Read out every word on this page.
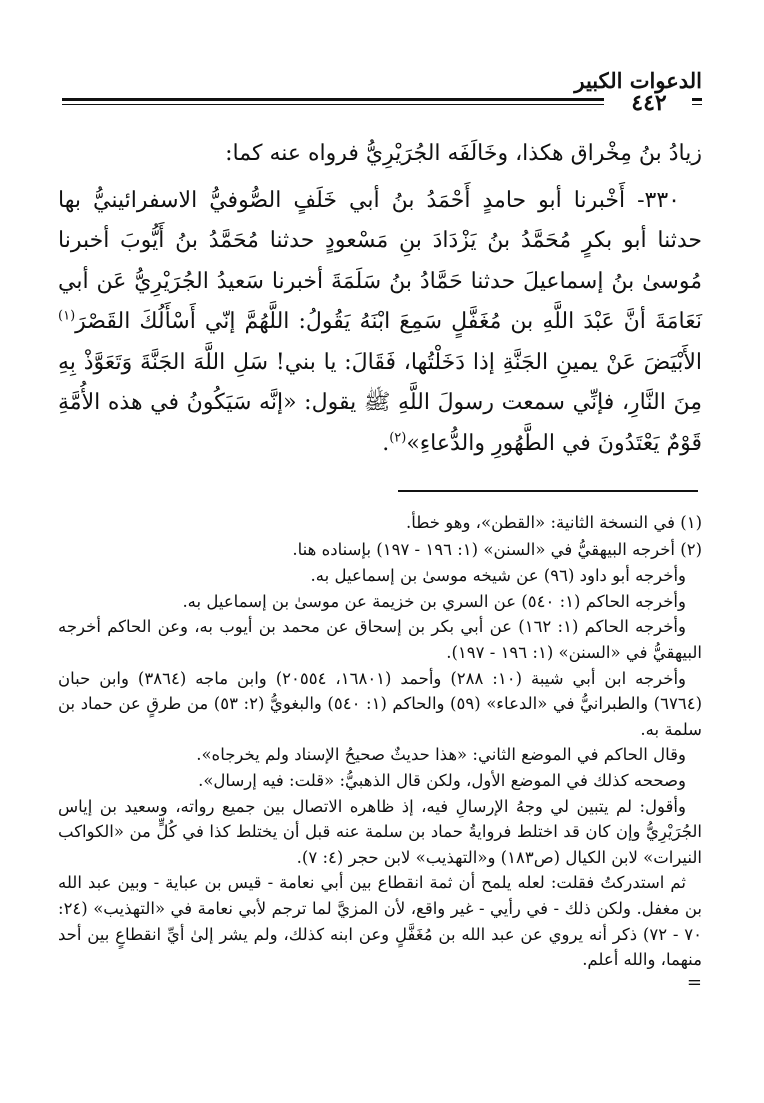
الدعوات الكبير
٤٤٢

زيادُ بنُ مِخْراق هكذا، وخَالَفَه الجُرَيْرِيُّ فرواه عنه كما:

٣٣٠- أَخْبرنا أبو حامدٍ أَحْمَدُ بنُ أبي خَلَفٍ الصُّوفيُّ الاسفرائينيُّ بها حدثنا أبو بكرٍ مُحَمَّدُ بنُ يَزْدَادَ بنِ مَسْعودٍ حدثنا مُحَمَّدُ بنُ أَيُّوبَ أخبرنا مُوسىٰ بنُ إسماعيلَ حدثنا حَمَّادُ بنُ سَلَمَةَ أخبرنا سَعيدُ الجُرَيْرِيُّ عَن أبي نَعَامَةَ أنَّ عَبْدَ اللَّهِ بن مُغَفَّلٍ سَمِعَ ابْنَهُ يَقُولُ: اللَّهُمَّ إنّي أَسْأَلُكَ القَصْرَ$^{(١)}$ الأَبْيَضَ عَنْ يمينِ الجَنَّةِ إذا دَخَلْتُها، فَقَالَ: يا بني! سَلِ اللَّهَ الجَنَّةَ وَتَعَوَّذْ بِهِ مِنَ النَّارِ، فإنِّي سمعت رسولَ اللَّهِ ﷺ يقول: «إنَّه سَيَكُونُ في هذه الأُمَّةِ قَوْمٌ يَعْتَدُونَ في الطَّهُورِ والدُّعاءِ»$^{(٢)}$.

(١) في النسخة الثانية: «القطن»، وهو خطأ.

(٢) أخرجه البيهقيُّ في «السنن» (١: ١٩٦ - ١٩٧) بإسناده هنا.

وأخرجه أبو داود (٩٦) عن شيخه موسىٰ بن إسماعيل به.

وأخرجه الحاكم (١: ٥٤٠) عن السري بن خزيمة عن موسىٰ بن إسماعيل به.

وأخرجه الحاكم (١: ١٦٢) عن أبي بكر بن إسحاق عن محمد بن أيوب به، وعن الحاكم أخرجه البيهقيُّ في «السنن» (١: ١٩٦ - ١٩٧).

وأخرجه ابن أبي شيبة (١٠: ٢٨٨) وأحمد (١٦٨٠١، ٢٠٥٥٤) وابن ماجه (٣٨٦٤) وابن حبان (٦٧٦٤) والطبرانيُّ في «الدعاء» (٥٩) والحاكم (١: ٥٤٠) والبغويُّ (٢: ٥٣) من طرقٍ عن حماد بن سلمة به.

وقال الحاكم في الموضع الثاني: «هذا حديثٌ صحيحُ الإسناد ولم يخرجاه».

وصححه كذلك في الموضع الأول، ولكن قال الذهبيُّ: «قلت: فيه إرسال».

وأقول: لم يتبين لي وجهُ الإرسالِ فيه، إذ ظاهره الاتصال بين جميع رواته، وسعيد بن إياس الجُرَيْرِيُّ وإن كان قد اختلط فروايةُ حماد بن سلمة عنه قبل أن يختلط كذا في كُلٍّ من «الكواكب النيرات» لابن الكيال (ص١٨٣) و«التهذيب» لابن حجر (٤: ٧).

ثم استدركتُ فقلت: لعله يلمح أن ثمة انقطاع بين أبي نعامة - قيس بن عباية - وبين عبد الله بن مغفل. ولكن ذلك - في رأيي - غير واقع، لأن المزيَّ لما ترجم لأبي نعامة في «التهذيب» (٢٤: ٧٠ - ٧٢) ذكر أنه يروي عن عبد الله بن مُغَفَّلٍ وعن ابنه كذلك، ولم يشر إلىٰ أيِّ انقطاعٍ بين أحد منهما، والله أعلم.

=
